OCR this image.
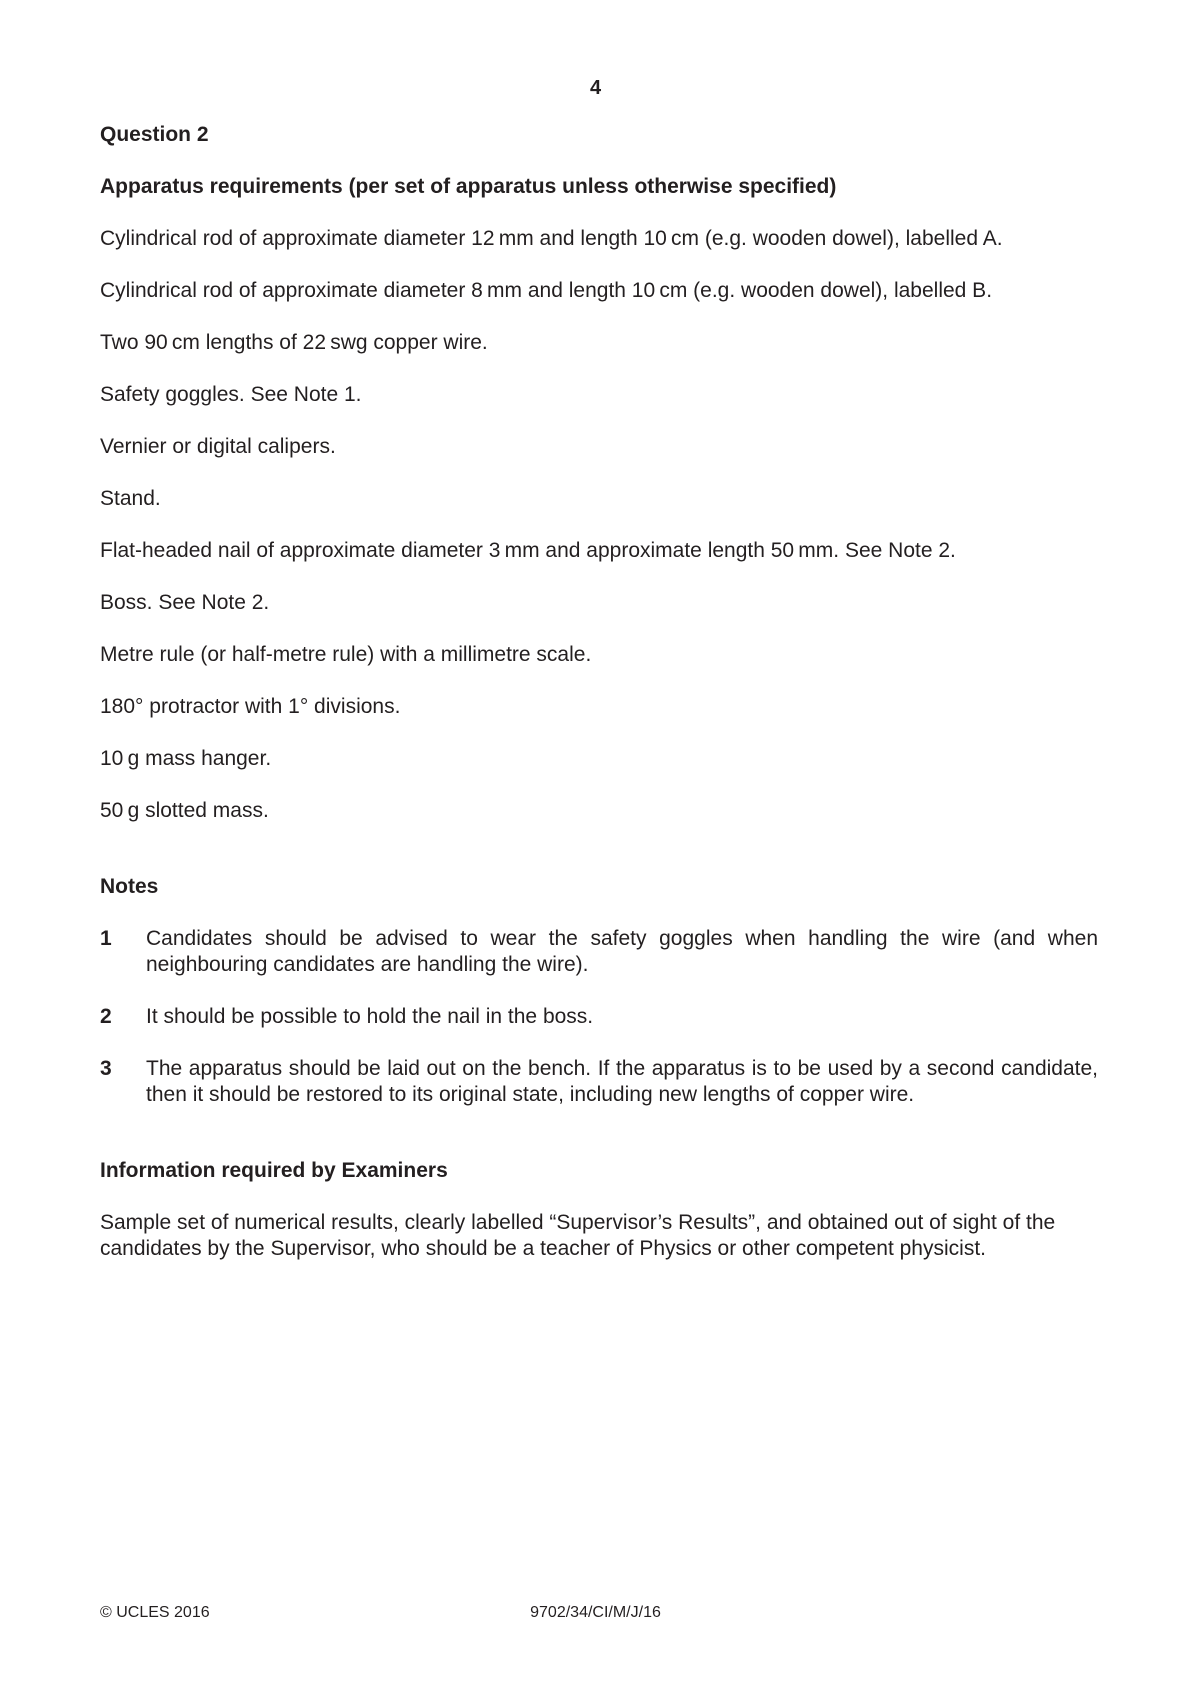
4

Question 2

Apparatus requirements (per set of apparatus unless otherwise specified)

Cylindrical rod of approximate diameter 12 mm and length 10 cm (e.g. wooden dowel), labelled A.

Cylindrical rod of approximate diameter 8 mm and length 10 cm (e.g. wooden dowel), labelled B.

Two 90 cm lengths of 22 swg copper wire.

Safety goggles. See Note 1.

Vernier or digital calipers.

Stand.

Flat-headed nail of approximate diameter 3 mm and approximate length 50 mm. See Note 2.

Boss. See Note 2.

Metre rule (or half-metre rule) with a millimetre scale.

180° protractor with 1° divisions.

10 g mass hanger.

50 g slotted mass.

Notes

1	Candidates should be advised to wear the safety goggles when handling the wire (and when neighbouring candidates are handling the wire).
2	It should be possible to hold the nail in the boss.
3	The apparatus should be laid out on the bench. If the apparatus is to be used by a second candidate, then it should be restored to its original state, including new lengths of copper wire.

Information required by Examiners

Sample set of numerical results, clearly labelled “Supervisor’s Results”, and obtained out of sight of the candidates by the Supervisor, who should be a teacher of Physics or other competent physicist.

© UCLES 2016	9702/34/CI/M/J/16
